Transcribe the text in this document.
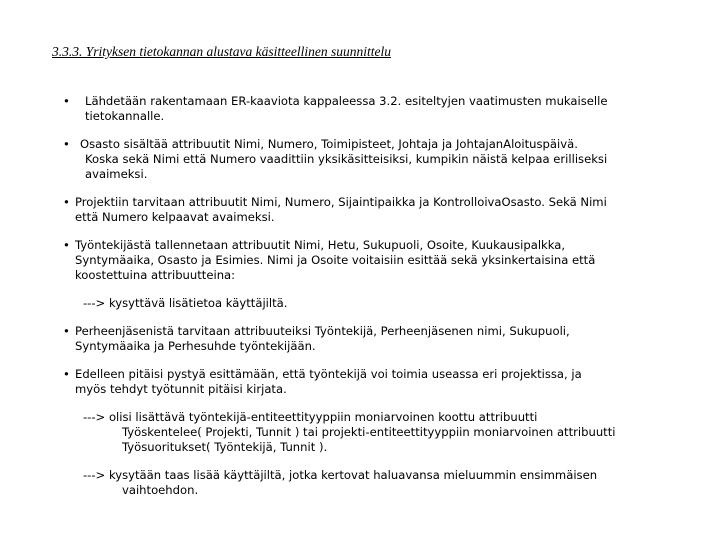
3.3.3. Yrityksen tietokannan alustava käsitteellinen suunnittelu
• Lähdetään rakentamaan ER-kaaviota kappaleessa 3.2. esiteltyjen vaatimusten mukaiselle
tietokannalle.
• Osasto sisältää attribuutit Nimi, Numero, Toimipisteet, Johtaja ja JohtajanAloituspäivä.
Koska sekä Nimi että Numero vaadittiin yksikäsitteisiksi, kumpikin näistä kelpaa erilliseksi
avaimeksi.
• Projektiin tarvitaan attribuutit Nimi, Numero, Sijaintipaikka ja KontrolloivaOsasto. Sekä Nimi
että Numero kelpaavat avaimeksi.
• Työntekijästä tallennetaan attribuutit Nimi, Hetu, Sukupuoli, Osoite, Kuukausipalkka,
Syntymäaika, Osasto ja Esimies. Nimi ja Osoite voitaisiin esittää sekä yksinkertaisina että
koostettuina attribuutteina:
---> kysyttävä lisätietoa käyttäjiltä.
• Perheenjäsenistä tarvitaan attribuuteiksi Työntekijä, Perheenjäsenen nimi, Sukupuoli,
Syntymäaika ja Perhesuhde työntekijään.
• Edelleen pitäisi pystyä esittämään, että työntekijä voi toimia useassa eri projektissa, ja
myös tehdyt työtunnit pitäisi kirjata.
---> olisi lisättävä työntekijä-entiteettityyppiin moniarvoinen koottu attribuutti
Työskentelee( Projekti, Tunnit ) tai projekti-entiteettityyppiin moniarvoinen attribuutti
Työsuoritukset( Työntekijä, Tunnit ).
---> kysytään taas lisää käyttäjiltä, jotka kertovat haluavansa mieluummin ensimmäisen
vaihtoehdon.
